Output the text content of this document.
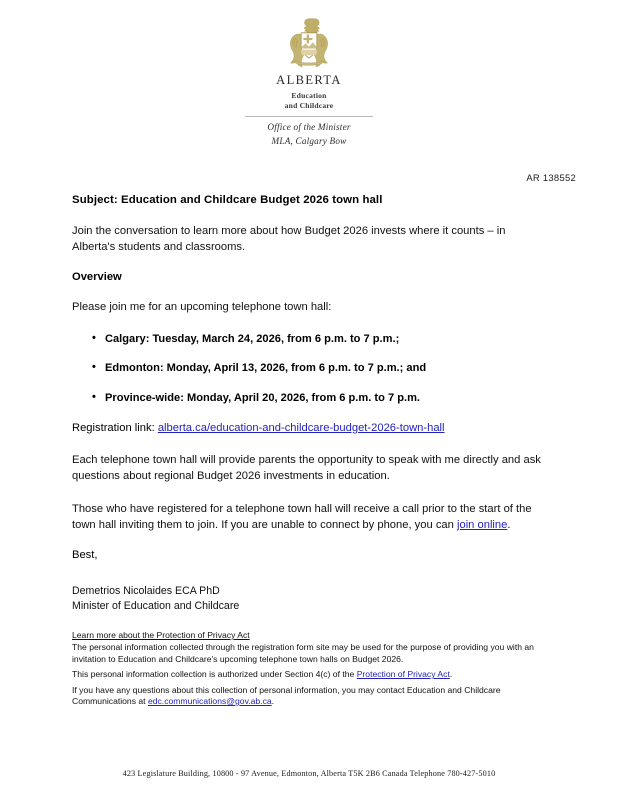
ALBERTA
Education
and Childcare
Office of the Minister
MLA, Calgary Bow
AR 138552
Subject: Education and Childcare Budget 2026 town hall

Join the conversation to learn more about how Budget 2026 invests where it counts – in Alberta's students and classrooms.

Overview

Please join me for an upcoming telephone town hall:

• Calgary: Tuesday, March 24, 2026, from 6 p.m. to 7 p.m.;
• Edmonton: Monday, April 13, 2026, from 6 p.m. to 7 p.m.; and
• Province-wide: Monday, April 20, 2026, from 6 p.m. to 7 p.m.
Registration link: alberta.ca/education-and-childcare-budget-2026-town-hall

Each telephone town hall will provide parents the opportunity to speak with me directly and ask questions about regional Budget 2026 investments in education.

Those who have registered for a telephone town hall will receive a call prior to the start of the town hall inviting them to join. If you are unable to connect by phone, you can join online.

Best,

Demetrios Nicolaides ECA PhD
Minister of Education and Childcare
Learn more about the Protection of Privacy Act

The personal information collected through the registration form site may be used for the purpose of providing you with an invitation to Education and Childcare's upcoming telephone town halls on Budget 2026.

This personal information collection is authorized under Section 4(c) of the Protection of Privacy Act.

If you have any questions about this collection of personal information, you may contact Education and Childcare Communications at edc.communications@gov.ab.ca.

423 Legislature Building, 10800 - 97 Avenue, Edmonton, Alberta T5K 2B6 Canada Telephone 780-427-5010
